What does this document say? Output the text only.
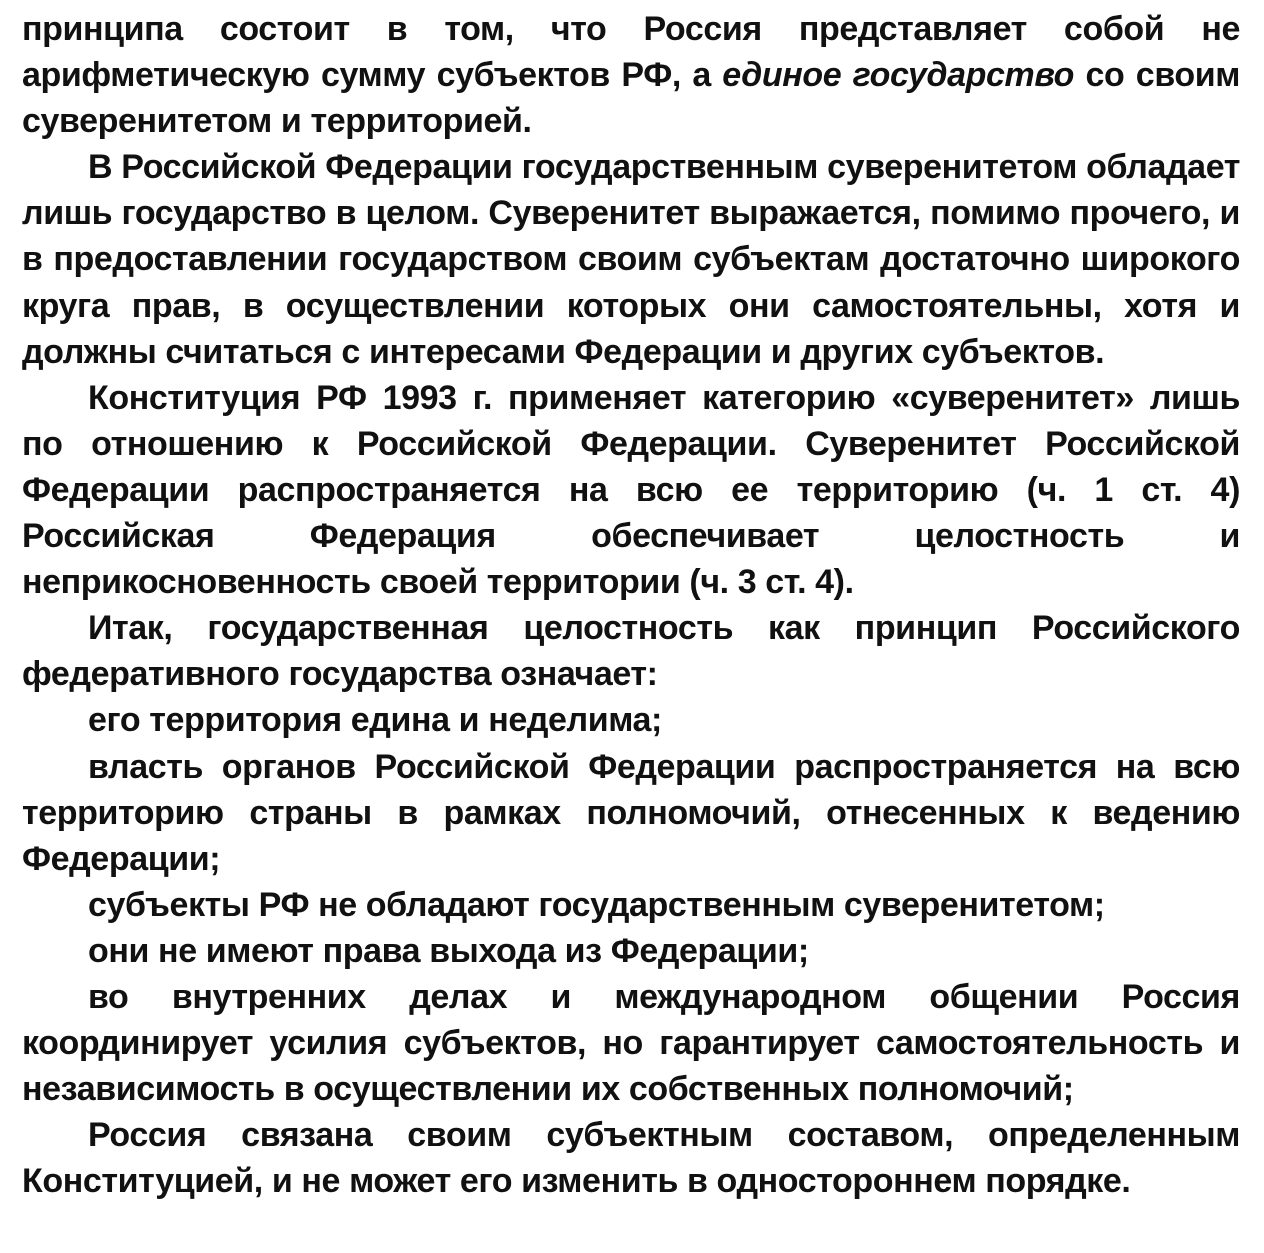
принципа состоит в том, что Россия представляет собой не арифметическую сумму субъектов РФ, а единое государство со своим суверенитетом и территорией.

В Российской Федерации государственным суверенитетом обладает лишь государство в целом. Суверенитет выражается, помимо прочего, и в предоставлении государством своим субъектам достаточно широкого круга прав, в осуществлении которых они самостоятельны, хотя и должны считаться с интересами Федерации и других субъектов.

Конституция РФ 1993 г. применяет категорию «суверенитет» лишь по отношению к Российской Федерации. Суверенитет Российской Федерации распространяется на всю ее территорию (ч. 1 ст. 4) Российская Федерация обеспечивает целостность и неприкосновенность своей территории (ч. 3 ст. 4).

Итак, государственная целостность как принцип Российского федеративного государства означает:

его территория едина и неделима;

власть органов Российской Федерации распространяется на всю территорию страны в рамках полномочий, отнесенных к ведению Федерации;

субъекты РФ не обладают государственным суверенитетом;

они не имеют права выхода из Федерации;

во внутренних делах и международном общении Россия координирует усилия субъектов, но гарантирует самостоятельность и независимость в осуществлении их собственных полномочий;

Россия связана своим субъектным составом, определенным Конституцией, и не может его изменить в одностороннем порядке.
